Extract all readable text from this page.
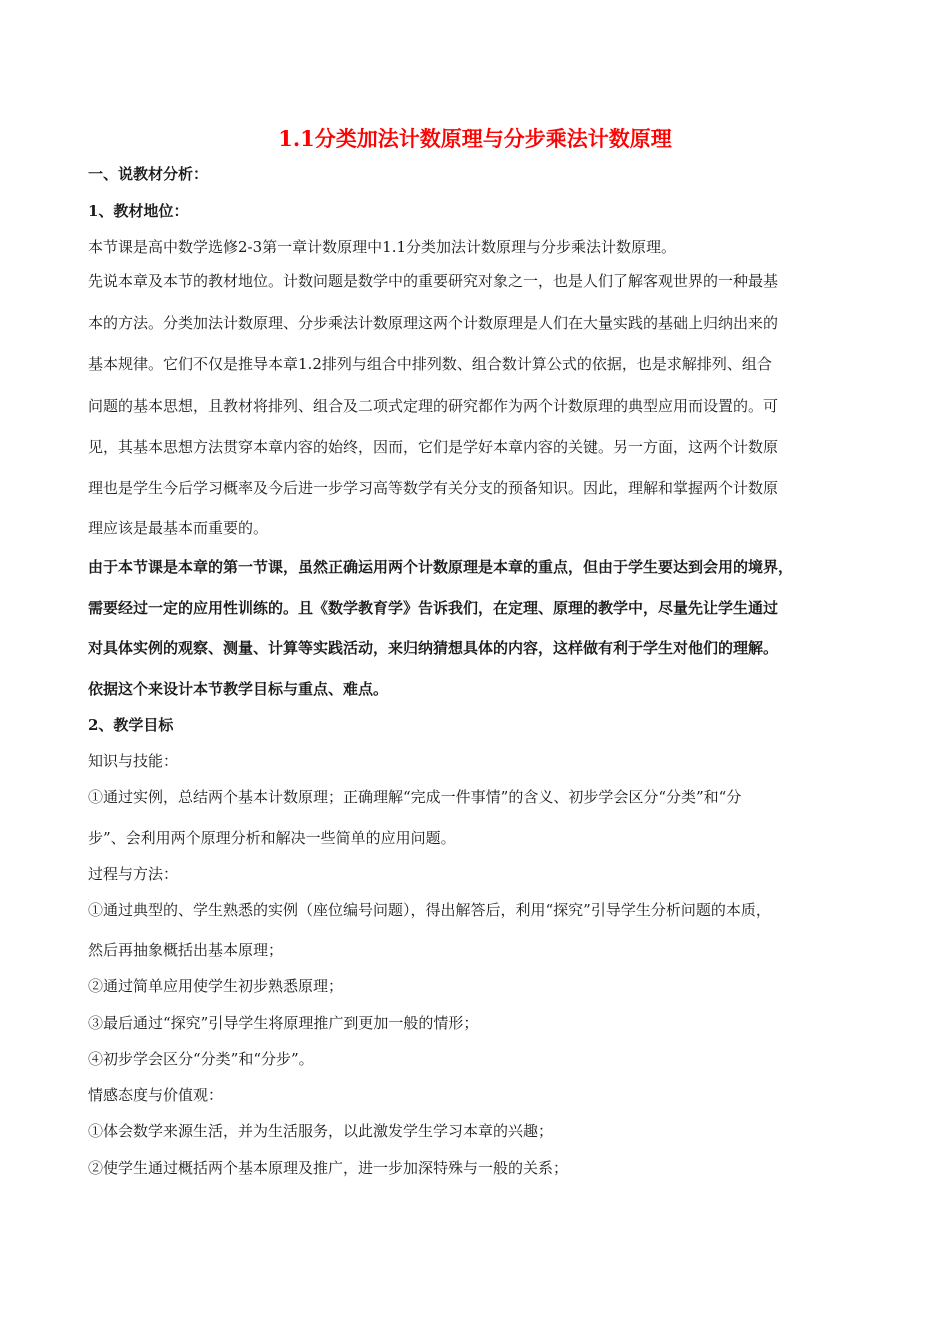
1.1分类加法计数原理与分步乘法计数原理
一、说教材分析：
1、教材地位：
本节课是高中数学选修2-3第一章计数原理中1.1分类加法计数原理与分步乘法计数原理。
先说本章及本节的教材地位。计数问题是数学中的重要研究对象之一，也是人们了解客观世界的一种最基
本的方法。分类加法计数原理、分步乘法计数原理这两个计数原理是人们在大量实践的基础上归纳出来的
基本规律。它们不仅是推导本章1.2排列与组合中排列数、组合数计算公式的依据，也是求解排列、组合
问题的基本思想，且教材将排列、组合及二项式定理的研究都作为两个计数原理的典型应用而设置的。可
见，其基本思想方法贯穿本章内容的始终，因而，它们是学好本章内容的关键。另一方面，这两个计数原
理也是学生今后学习概率及今后进一步学习高等数学有关分支的预备知识。因此，理解和掌握两个计数原
理应该是最基本而重要的。
由于本节课是本章的第一节课，虽然正确运用两个计数原理是本章的重点，但由于学生要达到会用的境界，
需要经过一定的应用性训练的。且《数学教育学》告诉我们，在定理、原理的教学中，尽量先让学生通过
对具体实例的观察、测量、计算等实践活动，来归纳猜想具体的内容，这样做有利于学生对他们的理解。
依据这个来设计本节教学目标与重点、难点。
2、教学目标
知识与技能：
①通过实例，总结两个基本计数原理；正确理解“完成一件事情”的含义、初步学会区分“分类”和“分
步”、会利用两个原理分析和解决一些简单的应用问题。
过程与方法：
①通过典型的、学生熟悉的实例（座位编号问题），得出解答后，利用“探究”引导学生分析问题的本质，
然后再抽象概括出基本原理；
②通过简单应用使学生初步熟悉原理；
③最后通过“探究”引导学生将原理推广到更加一般的情形；
④初步学会区分“分类”和“分步”。
情感态度与价值观：
①体会数学来源生活，并为生活服务，以此激发学生学习本章的兴趣；
②使学生通过概括两个基本原理及推广，进一步加深特殊与一般的关系；
